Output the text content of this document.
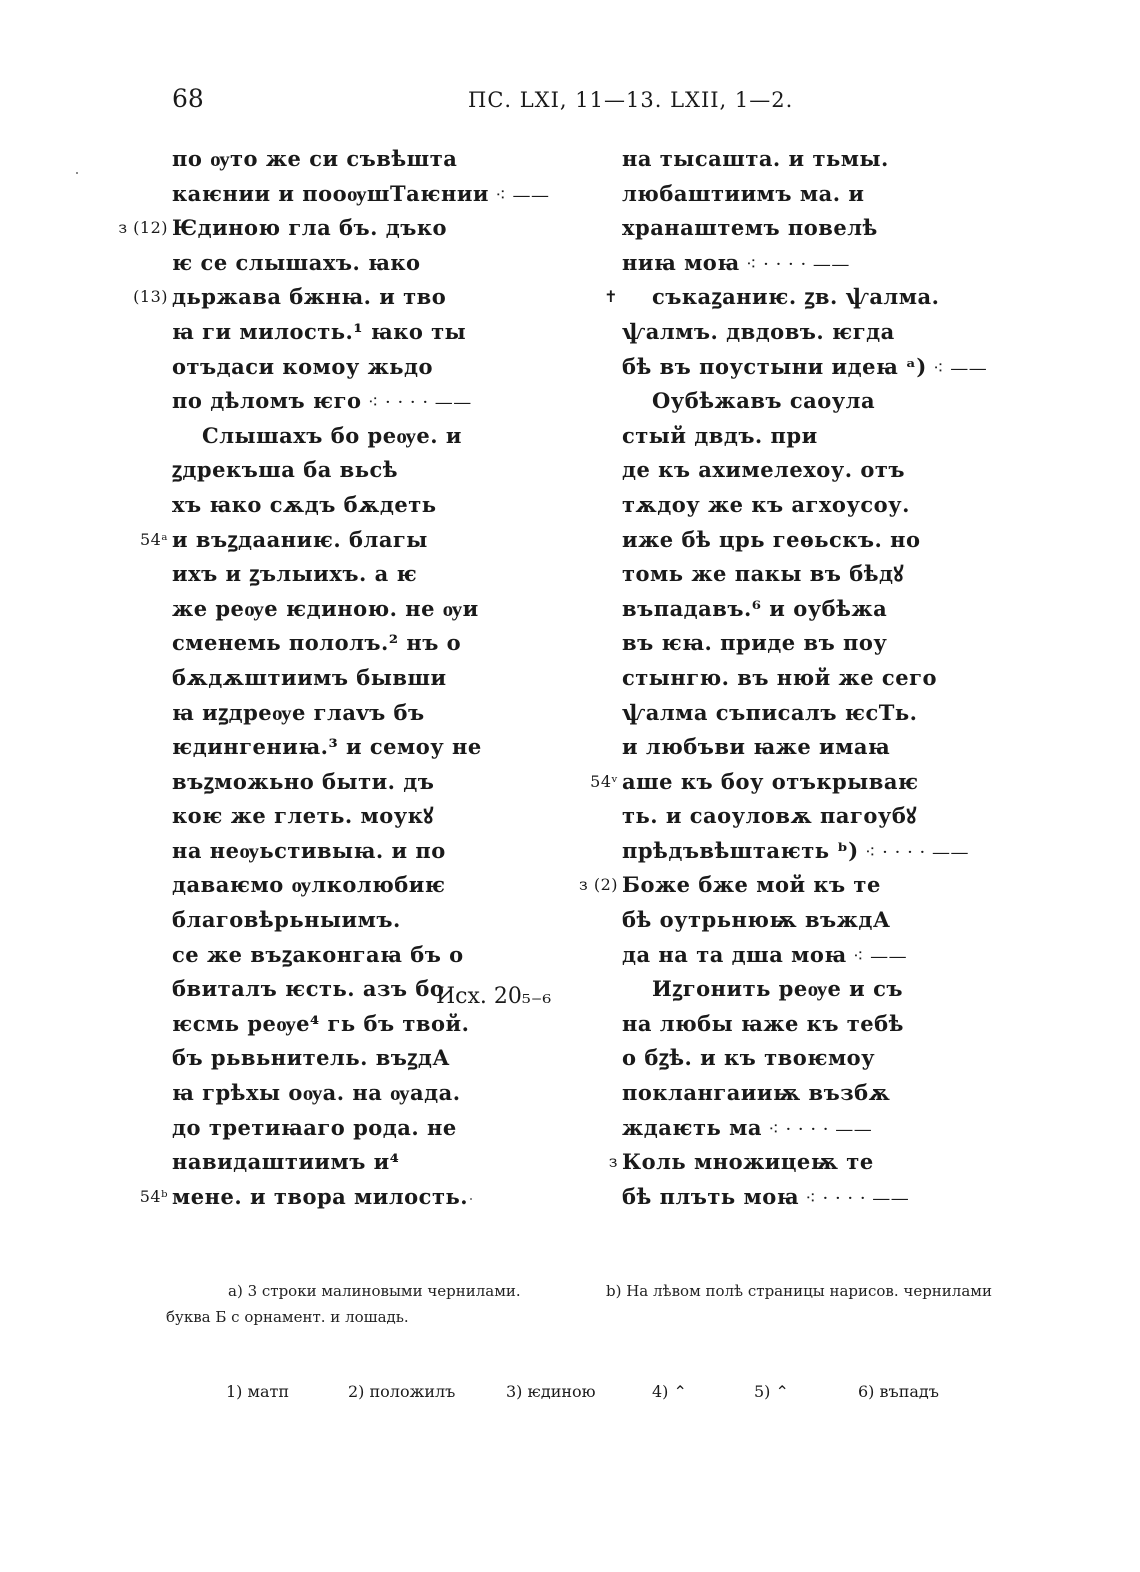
68	ПС. LXI, 11—13. LXII, 1—2.
по ѹто же си съвѣшта
каѥнии и пооѹшТаѥнии ⁖ ——
з (12) Ѥдиною гла бъ. дъко
ѥ се слышахъ. ꙗко
(13) дьржава бжнꙗ. и тво
ꙗ ги милость.¹ ꙗко ты
отъдаси комоу жьдо
по дѣломъ ѥго ⁖ · · · · ——
Слышахъ бо реѹе. и
ꙁдрекъша ба вьсѣ
хъ ꙗко сѫдъ бѫдеть
54ᵃ и въꙁдааниѥ. благы
ихъ и ꙁълыихъ. а ѥ
же реѹе ѥдиною. не ѹи
сменемь пололъ.² нъ о
бѫдѫштиимъ бывши
ꙗ иꙁдреѹе глаvъ бъ
ѥдингениꙗ.³ и семоу не
въꙁможьно быти. дъ
коѥ же глеть. моукꙋ
на неѹьстивыꙗ. и по
даваѥмо ѹлколюбиѥ
благовѣрьныимъ.
се же въꙁаконгаꙗ бъ о
бвиталъ ѥсть. азъ бо
ѥсмь реѹе⁴ гь бъ твой.
бъ рьвьнитель. въꙁдА
ꙗ грѣхы оѹа. на ѹада.
до третиꙗаго рода. не
навидаштиимъ и⁴
54ᵇ мене. и твора милость.
на тысашта. и тьмы.
любаштиимъ ма. и
хранаштемъ повелѣ
ниꙗ моꙗ ⁖ · · · · ——
✝ съкаꙁаниѥ. ꙁв. ѱалма.
ѱалмъ. двдовъ. ѥгда
бѣ въ поустыни идеꙗ ᵃ) ⁖ ——
Оубѣжавъ саоула
стый двдъ. при
де къ ахимелехоу. отъ
тѫдоу же къ агхоусоу.
иже бѣ црь геѳьскъ. но
томь же пакы въ бѣдꙋ
въпадавъ.⁶ и оубѣжа
въ ѥꙗ. приде въ поу
стынгю. въ нюй же сего
ѱалма съписалъ ѥсТь.
и любъви ꙗже имаꙗ
54ᵛ аше къ боу отъкрываѥ
ть. и саоуловѫ пагоубꙋ
прѣдъвѣштаѥть ᵇ) ⁖ · · · · ——
з (2) Боже бже мой къ те
бѣ оутрьнюѭ въждА
да на та дша моꙗ ⁖ ——
Иꙁгонить реѹе и съ
на любы ꙗже къ тебѣ
о бꙁѣ. и къ твоѥмоу
поклангаииѭ възбѫ
ждаѥть ма ⁖ · · · · ——
з Коль множицеѭ те
бѣ плъть моꙗ ⁖ · · · · ——
Исх. 20₅₋₆
а) 3 строки малиновыми чернилами.
буква Б с орнамент. и лошадь.
b) На лѣвом полѣ страницы нарисов. чернилами
1) матп	2) положилъ	3) ѥдиною	4) ⌃	5) ⌃	6) въпадъ
